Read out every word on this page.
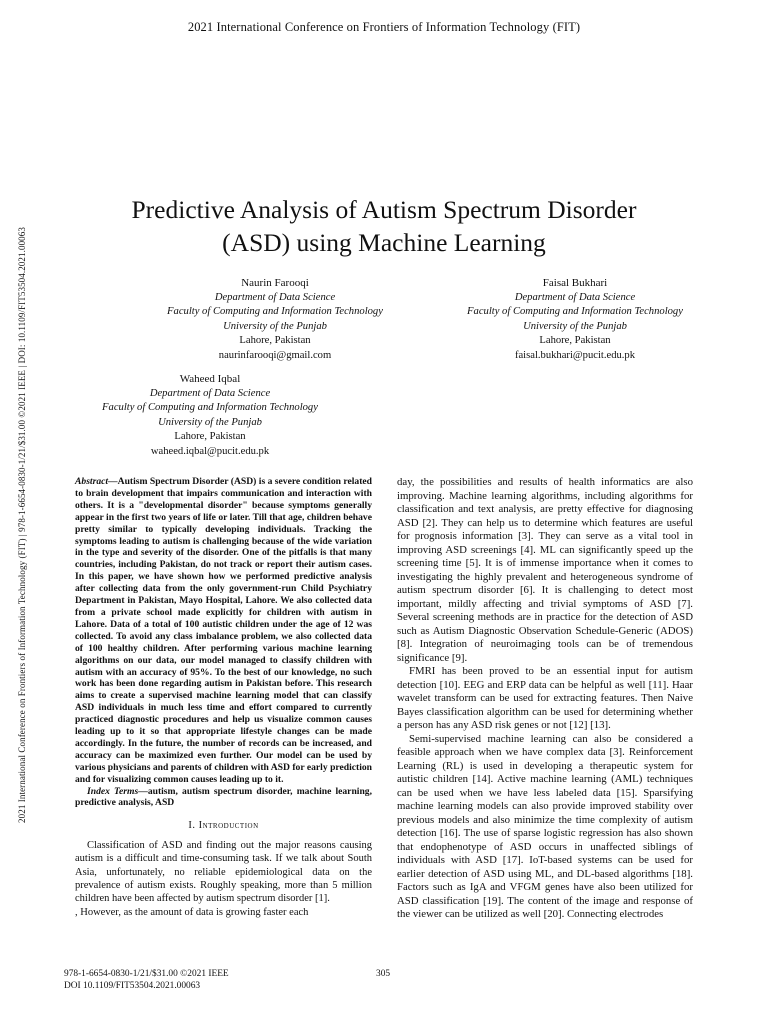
2021 International Conference on Frontiers of Information Technology (FIT)
2021 International Conference on Frontiers of Information Technology (FIT) | 978-1-6654-0830-1/21/$31.00 ©2021 IEEE | DOI: 10.1109/FIT53504.2021.00063
Predictive Analysis of Autism Spectrum Disorder
(ASD) using Machine Learning
Naurin Farooqi
Department of Data Science
Faculty of Computing and Information Technology
University of the Punjab
Lahore, Pakistan
naurinfarooqi@gmail.com
Faisal Bukhari
Department of Data Science
Faculty of Computing and Information Technology
University of the Punjab
Lahore, Pakistan
faisal.bukhari@pucit.edu.pk
Waheed Iqbal
Department of Data Science
Faculty of Computing and Information Technology
University of the Punjab
Lahore, Pakistan
waheed.iqbal@pucit.edu.pk

Abstract—Autism Spectrum Disorder (ASD) is a severe condition related to brain development that impairs communication and interaction with others. It is a "developmental disorder" because symptoms generally appear in the first two years of life or later. Till that age, children behave pretty similar to typically developing individuals. Tracking the symptoms leading to autism is challenging because of the wide variation in the type and severity of the disorder. One of the pitfalls is that many countries, including Pakistan, do not track or report their autism cases. In this paper, we have shown how we performed predictive analysis after collecting data from the only government-run Child Psychiatry Department in Pakistan, Mayo Hospital, Lahore. We also collected data from a private school made explicitly for children with autism in Lahore. Data of a total of 100 autistic children under the age of 12 was collected. To avoid any class imbalance problem, we also collected data of 100 healthy children. After performing various machine learning algorithms on our data, our model managed to classify children with autism with an accuracy of 95%. To the best of our knowledge, no such work has been done regarding autism in Pakistan before. This research aims to create a supervised machine learning model that can classify ASD individuals in much less time and effort compared to currently practiced diagnostic procedures and help us visualize common causes leading up to it so that appropriate lifestyle changes can be made accordingly. In the future, the number of records can be increased, and accuracy can be maximized even further. Our model can be used by various physicians and parents of children with ASD for early prediction and for visualizing common causes leading up to it.

Index Terms—autism, autism spectrum disorder, machine learning, predictive analysis, ASD

I. Introduction

Classification of ASD and finding out the major reasons causing autism is a difficult and time-consuming task. If we talk about South Asia, unfortunately, no reliable epidemiological data on the prevalence of autism exists. Roughly speaking, more than 5 million children have been affected by autism spectrum disorder [1].

, However, as the amount of data is growing faster each

day, the possibilities and results of health informatics are also improving. Machine learning algorithms, including algorithms for classification and text analysis, are pretty effective for diagnosing ASD [2]. They can help us to determine which features are useful for prognosis information [3]. They can serve as a vital tool in improving ASD screenings [4]. ML can significantly speed up the screening time [5]. It is of immense importance when it comes to investigating the highly prevalent and heterogeneous syndrome of autism spectrum disorder [6]. It is challenging to detect most important, mildly affecting and trivial symptoms of ASD [7]. Several screening methods are in practice for the detection of ASD such as Autism Diagnostic Observation Schedule-Generic (ADOS) [8]. Integration of neuroimaging tools can be of tremendous significance [9].

FMRI has been proved to be an essential input for autism detection [10]. EEG and ERP data can be helpful as well [11]. Haar wavelet transform can be used for extracting features. Then Naive Bayes classification algorithm can be used for determining whether a person has any ASD risk genes or not [12] [13].

Semi-supervised machine learning can also be considered a feasible approach when we have complex data [3]. Reinforcement Learning (RL) is used in developing a therapeutic system for autistic children [14]. Active machine learning (AML) techniques can be used when we have less labeled data [15]. Sparsifying machine learning models can also provide improved stability over previous models and also minimize the time complexity of autism detection [16]. The use of sparse logistic regression has also shown that endophenotype of ASD occurs in unaffected siblings of individuals with ASD [17]. IoT-based systems can be used for earlier detection of ASD using ML, and DL-based algorithms [18]. Factors such as IgA and VFGM genes have also been utilized for ASD classification [19]. The content of the image and response of the viewer can be utilized as well [20]. Connecting electrodes

978-1-6654-0830-1/21/$31.00 ©2021 IEEE
DOI 10.1109/FIT53504.2021.00063
305
